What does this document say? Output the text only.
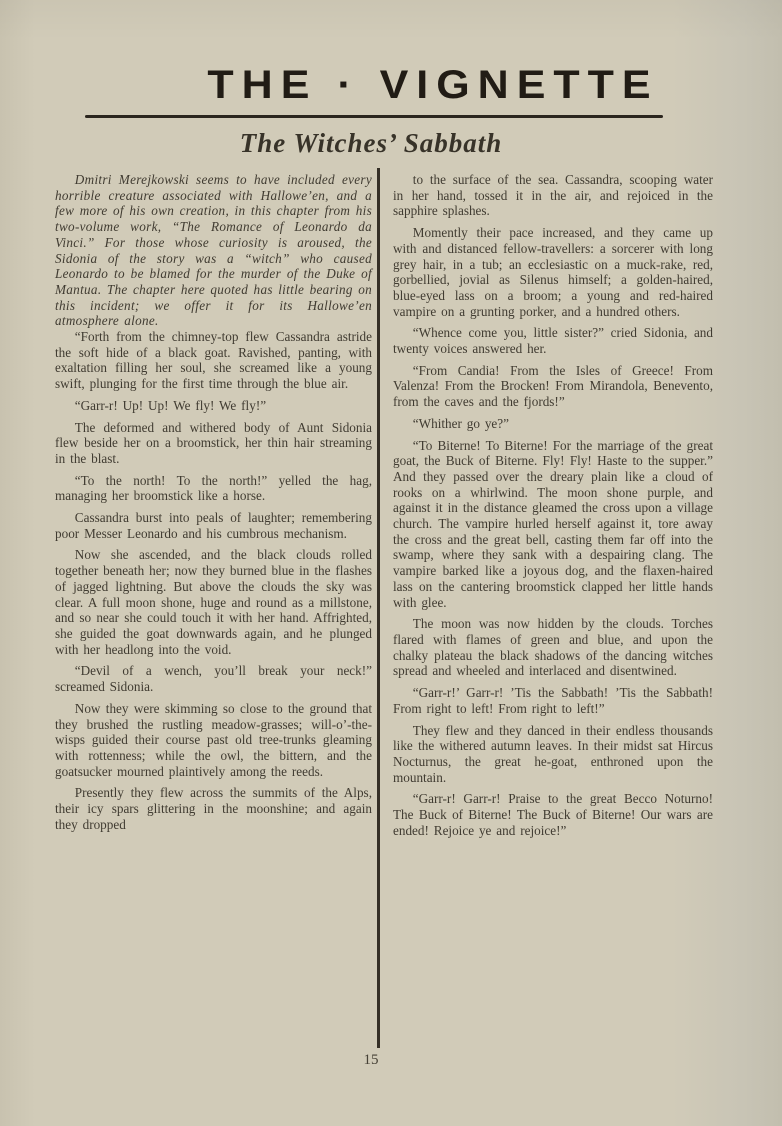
THE · VIGNETTE
The Witches’ Sabbath

Dmitri Merejkowski seems to have included every horrible creature associated with Hallowe’en, and a few more of his own creation, in this chapter from his two-volume work, “The Romance of Leonardo da Vinci.” For those whose curiosity is aroused, the Sidonia of the story was a “witch” who caused Leonardo to be blamed for the murder of the Duke of Mantua. The chapter here quoted has little bearing on this incident; we offer it for its Hallowe’en atmosphere alone.

“Forth from the chimney-top flew Cassandra astride the soft hide of a black goat. Ravished, panting, with exaltation filling her soul, she screamed like a young swift, plunging for the first time through the blue air.

“Garr-r! Up! Up! We fly! We fly!”

The deformed and withered body of Aunt Sidonia flew beside her on a broomstick, her thin hair streaming in the blast.

“To the north! To the north!” yelled the hag, managing her broomstick like a horse.

Cassandra burst into peals of laughter; remembering poor Messer Leonardo and his cumbrous mechanism.

Now she ascended, and the black clouds rolled together beneath her; now they burned blue in the flashes of jagged lightning. But above the clouds the sky was clear. A full moon shone, huge and round as a millstone, and so near she could touch it with her hand. Affrighted, she guided the goat downwards again, and he plunged with her headlong into the void.

“Devil of a wench, you’ll break your neck!” screamed Sidonia.

Now they were skimming so close to the ground that they brushed the rustling meadow-grasses; will-o’-the-wisps guided their course past old tree-trunks gleaming with rottenness; while the owl, the bittern, and the goatsucker mourned plaintively among the reeds.

Presently they flew across the summits of the Alps, their icy spars glittering in the moonshine; and again they dropped

to the surface of the sea. Cassandra, scooping water in her hand, tossed it in the air, and rejoiced in the sapphire splashes.

Momently their pace increased, and they came up with and distanced fellow-travellers: a sorcerer with long grey hair, in a tub; an ecclesiastic on a muck-rake, red, gorbellied, jovial as Silenus himself; a golden-haired, blue-eyed lass on a broom; a young and red-haired vampire on a grunting porker, and a hundred others.

“Whence come you, little sister?” cried Sidonia, and twenty voices answered her.

“From Candia! From the Isles of Greece! From Valenza! From the Brocken! From Mirandola, Benevento, from the caves and the fjords!”

“Whither go ye?”

“To Biterne! To Biterne! For the marriage of the great goat, the Buck of Biterne. Fly! Fly! Haste to the supper.” And they passed over the dreary plain like a cloud of rooks on a whirlwind. The moon shone purple, and against it in the distance gleamed the cross upon a village church. The vampire hurled herself against it, tore away the cross and the great bell, casting them far off into the swamp, where they sank with a despairing clang. The vampire barked like a joyous dog, and the flaxen-haired lass on the cantering broomstick clapped her little hands with glee.

The moon was now hidden by the clouds. Torches flared with flames of green and blue, and upon the chalky plateau the black shadows of the dancing witches spread and wheeled and interlaced and disentwined.

“Garr-r!’ Garr-r! ’Tis the Sabbath! ’Tis the Sabbath! From right to left! From right to left!”

They flew and they danced in their endless thousands like the withered autumn leaves. In their midst sat Hircus Nocturnus, the great he-goat, enthroned upon the mountain.

“Garr-r! Garr-r! Praise to the great Becco Noturno! The Buck of Biterne! The Buck of Biterne! Our wars are ended! Rejoice ye and rejoice!”

15
